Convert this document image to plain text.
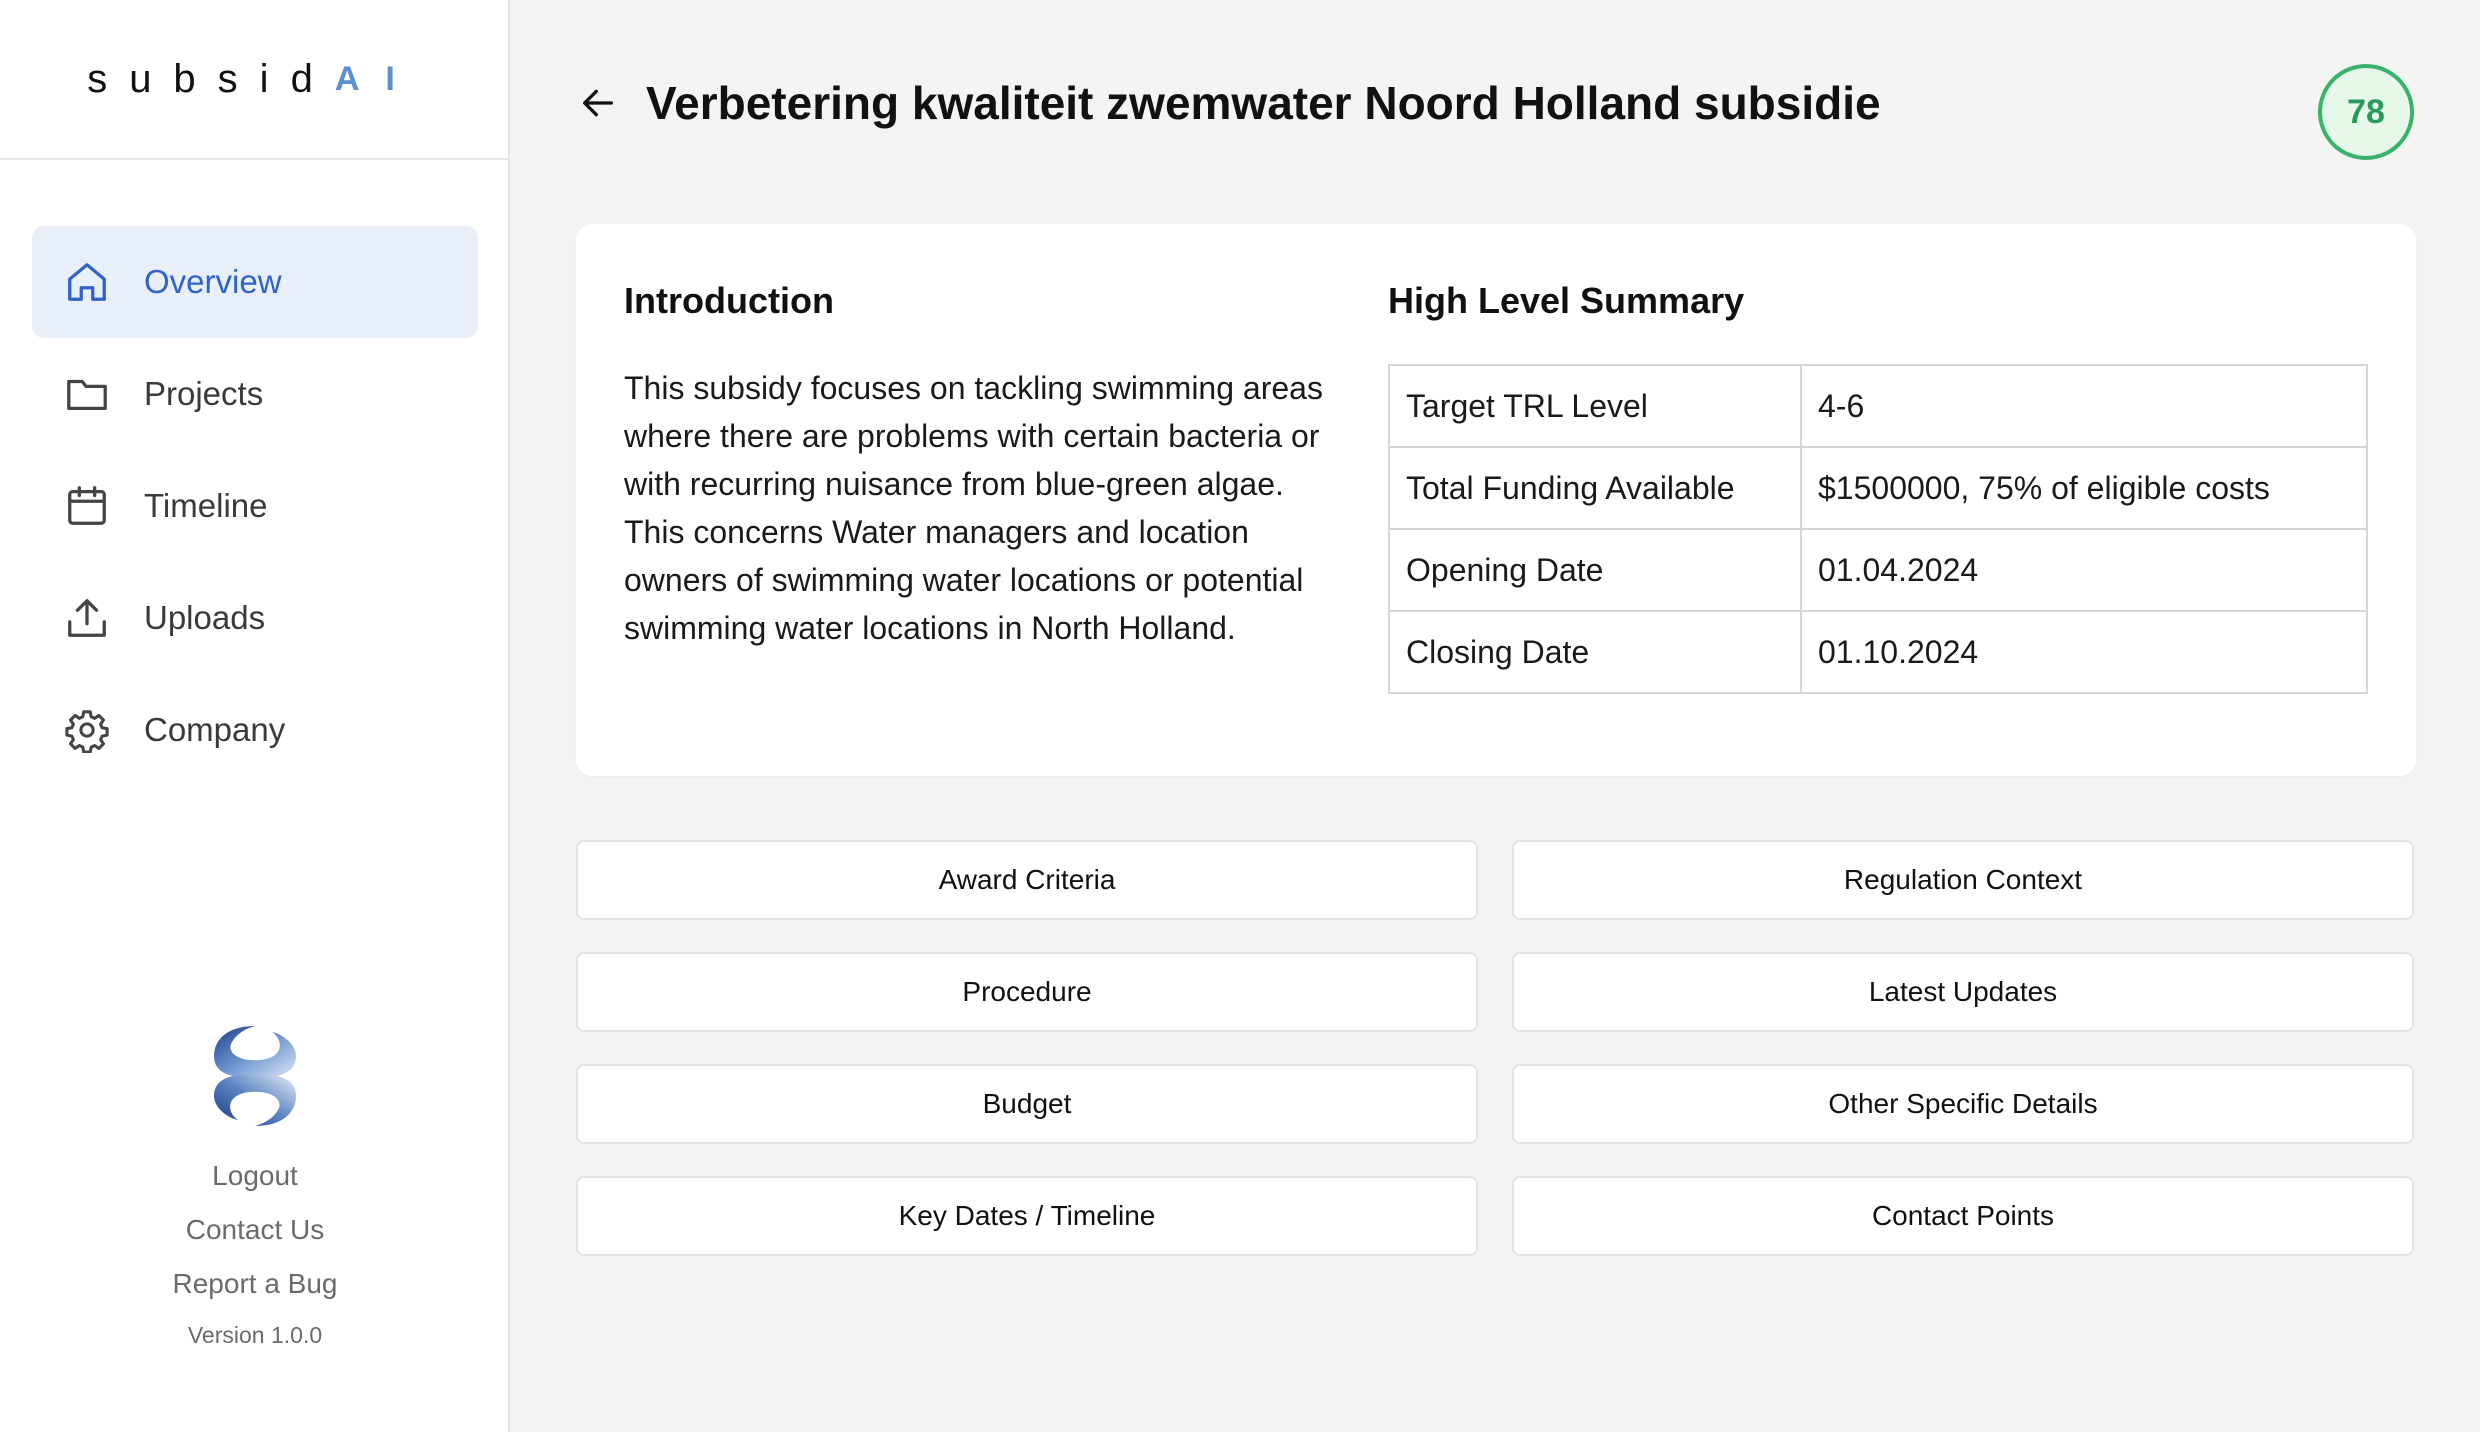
subsid AI
Overview
Projects
Timeline
Uploads
Company
Logout
Contact Us
Report a Bug
Version 1.0.0
Verbetering kwaliteit zwemwater Noord Holland subsidie	78
Introduction

This subsidy focuses on tackling swimming areas where there are problems with certain bacteria or with recurring nuisance from blue-green algae. This concerns Water managers and location owners of swimming water locations or potential swimming water locations in North Holland.

High Level Summary
Target TRL Level	4-6
Total Funding Available	$1500000, 75% of eligible costs
Opening Date	01.04.2024
Closing Date	01.10.2024
Award Criteria	Regulation Context
Procedure	Latest Updates
Budget	Other Specific Details
Key Dates / Timeline	Contact Points
